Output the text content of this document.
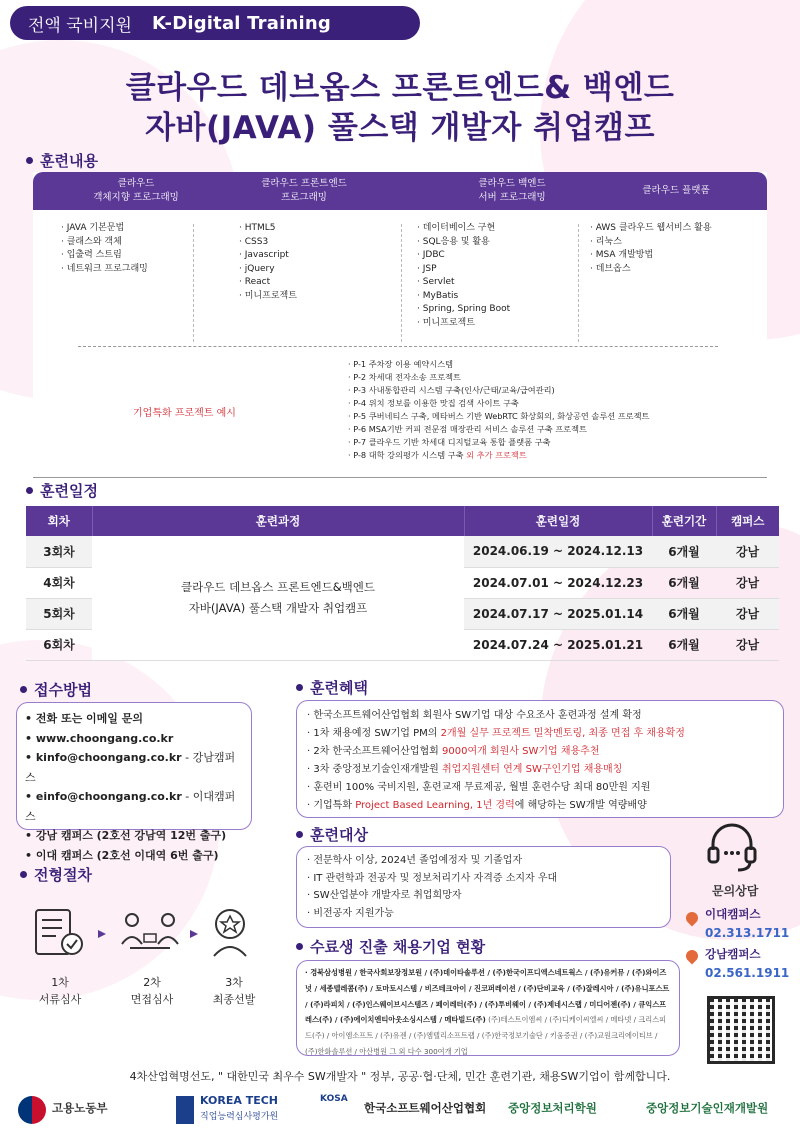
전액 국비지원 K-Digital Training
클라우드 데브옵스 프론트엔드& 백엔드
자바(JAVA) 풀스택 개발자 취업캠프
훈련내용
클라우드
객체지향 프로그래밍
클라우드 프론트엔드
프로그래밍
클라우드 백엔드
서버 프로그래밍
클라우드 플랫폼
· JAVA 기본문법
· 클래스와 객체
· 입출력 스트림
· 네트워크 프로그래밍
· HTML5
· CSS3
· Javascript
· jQuery
· React
· 미니프로젝트
· 데이터베이스 구현
· SQL응용 및 활용
· JDBC
· JSP
· Servlet
· MyBatis
· Spring, Spring Boot
· 미니프로젝트
· AWS 클라우드 웹서비스 활용
· 리눅스
· MSA 개발방법
· 데브옵스
기업특화 프로젝트 예시
· P-1 주차장 이용 예약시스템
· P-2 차세대 전자소송 프로젝트
· P-3 사내통합관리 시스템 구축(인사/근태/교육/급여관리)
· P-4 위치 정보를 이용한 맛집 검색 사이트 구축
· P-5 쿠버네티스 구축, 메타버스 기반 WebRTC 화상회의, 화상공연 솔루션 프로젝트
· P-6 MSA기반 커피 전문점 매장관리 서비스 솔루션 구축 프로젝트
· P-7 클라우드 기반 차세대 디지털교육 통합 플랫폼 구축
· P-8 대학 강의평가 시스템 구축 외 추가 프로젝트
훈련일정
회차	훈련과정	훈련일정	훈련기간	캠퍼스
3회차	클라우드 데브옵스 프론트엔드&백엔드
자바(JAVA) 풀스택 개발자 취업캠프	2024.06.19 ~ 2024.12.13	6개월	강남
4회차		2024.07.01 ~ 2024.12.23	6개월	강남
5회차		2024.07.17 ~ 2025.01.14	6개월	강남
6회차		2024.07.24 ~ 2025.01.21	6개월	강남
접수방법
• 전화 또는 이메일 문의
• www.choongang.co.kr
• kinfo@choongang.co.kr - 강남캠퍼스
• einfo@choongang.co.kr - 이대캠퍼스
• 강남 캠퍼스 (2호선 강남역 12번 출구)
• 이대 캠퍼스 (2호선 이대역 6번 출구)
전형절차
1차
서류심사
2차
면접심사
3차
최종선발
훈련혜택
· 한국소프트웨어산업협회 회원사 SW기업 대상 수요조사 훈련과정 설계 확정
· 1차 채용예정 SW기업 PM의 2개월 실무 프로젝트 밀착멘토링, 최종 면접 후 채용확정
· 2차 한국소프트웨어산업협회 9000여개 회원사 SW기업 채용추천
· 3차 중앙정보기술인재개발원 취업지원센터 연계 SW구인기업 채용매칭
· 훈련비 100% 국비지원, 훈련교재 무료제공, 월별 훈련수당 최대 80만원 지원
· 기업특화 Project Based Learning, 1년 경력에 해당하는 SW개발 역량배양
훈련대상
· 전문학사 이상, 2024년 졸업예정자 및 기졸업자
· IT 관련학과 전공자 및 정보처리기사 자격증 소지자 우대
· SW산업분야 개발자로 취업희망자
· 비전공자 지원가능
수료생 진출 채용기업 현황
· 경북삼성병원 / 한국사회보장정보원 / (주)데이타솔루션 / (주)한국이프디엑스네트웍스 / (주)유커뮤 / (주)와이즈넛 / 세종텔레콤(주) / 토마토시스템 / 비즈테크아이 / 진코퍼레이션 / (주)단비교육 / (주)잘레시아 / (주)유니포스트 / (주)라피치 / (주)인스웨이브시스템즈 / 페이레터(주) / (주)투비웨이 / (주)제네시스랩 / 미디어젠(주) / 큐익스프레스(주) / (주)에이치엔티아웃소싱시스템 / 메타빌드(주) (주)테스트이엠씨 / (주)디케이씨엘씨 / 메타넷 / 크리스피드(주) / 아이엠소프트 / (주)유젠 / (주)엠텔리소프트랩 / (주)한국정보기술단 / 키움증권 / (주)교원크리에이티브 / (주)한화솔루션 / 아산병원 그 외 다수 300여개 기업
문의상담
이대캠퍼스
02.313.1711
강남캠퍼스
02.561.1911
4차산업혁명선도, " 대한민국 최우수 SW개발자 " 정부, 공공·협·단체, 민간 훈련기관, 채용SW기업이 함께합니다.
고용노동부
KOREA TECH
직업능력심사평가원
KOSA
한국소프트웨어산업협회 중앙정보처리학원	중앙정보기술인재개발원
